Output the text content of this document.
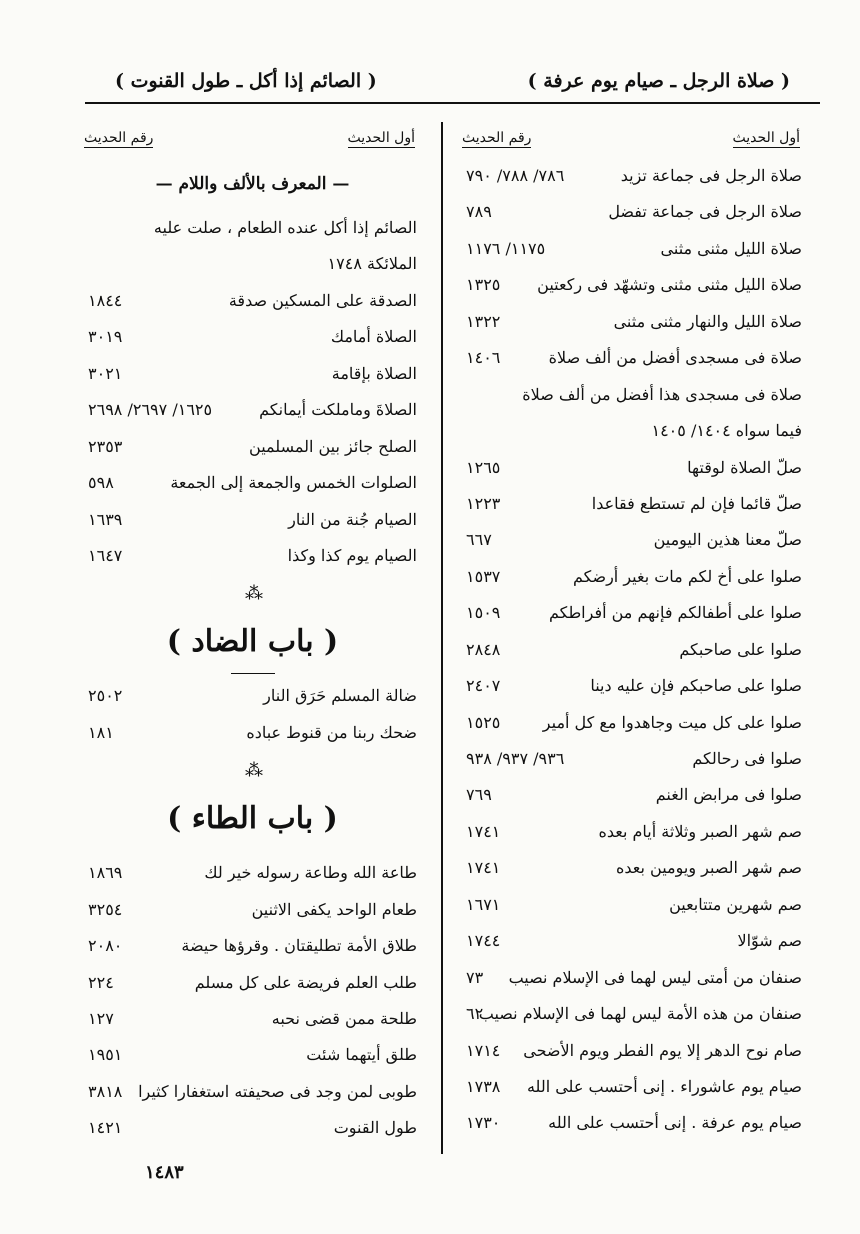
( صلاة الرجل ـ صيام يوم عرفة )
( الصائم إذا أكل ـ طول القنوت )
أول الحديث
رقم الحديث
صلاة الرجل فى جماعة تزيد
٧٨٦/ ٧٨٨/ ٧٩٠
صلاة الرجل فى جماعة تفضل
٧٨٩
صلاة الليل مثنى مثنى
١١٧٥/ ١١٧٦
صلاة الليل مثنى مثنى وتشهّد فى ركعتين
١٣٢٥
صلاة الليل والنهار مثنى مثنى
١٣٢٢
صلاة فى مسجدى أفضل من ألف صلاة
١٤٠٦
صلاة فى مسجدى هذا أفضل من ألف صلاة
فيما سواه ١٤٠٤/ ١٤٠٥
صلّ الصلاة لوقتها
١٢٦٥
صلّ قائما فإن لم تستطع فقاعدا
١٢٢٣
صلّ معنا هذين اليومين
٦٦٧
صلوا على أخ لكم مات بغير أرضكم
١٥٣٧
صلوا على أطفالكم فإنهم من أفراطكم
١٥٠٩
صلوا على صاحبكم
٢٨٤٨
صلوا على صاحبكم فإن عليه دينا
٢٤٠٧
صلوا على كل ميت وجاهدوا مع كل أمير
١٥٢٥
صلوا فى رحالكم
٩٣٦/ ٩٣٧/ ٩٣٨
صلوا فى مرابض الغنم
٧٦٩
صم شهر الصبر وثلاثة أيام بعده
١٧٤١
صم شهر الصبر ويومين بعده
١٧٤١
صم شهرين متتابعين
١٦٧١
صم شوّالا
١٧٤٤
صنفان من أمتى ليس لهما فى الإسلام نصيب
٧٣
صنفان من هذه الأمة ليس لهما فى الإسلام نصيب
٦٢
صام نوح الدهر إلا يوم الفطر ويوم الأضحى
١٧١٤
صيام يوم عاشوراء . إنى أحتسب على الله
١٧٣٨
صيام يوم عرفة . إنى أحتسب على الله
١٧٣٠
أول الحديث
رقم الحديث
— المعرف بالألف واللام —
الصائم إذا أكل عنده الطعام ، صلت عليه
الملائكة ١٧٤٨
الصدقة على المسكين صدقة
١٨٤٤
الصلاة أمامك
٣٠١٩
الصلاة بإقامة
٣٠٢١
الصلاةَ وماملكت أيمانكم
١٦٢٥/ ٢٦٩٧/ ٢٦٩٨
الصلح جائز بين المسلمين
٢٣٥٣
الصلوات الخمس والجمعة إلى الجمعة
٥٩٨
الصيام جُنة من النار
١٦٣٩
الصيام يوم كذا وكذا
١٦٤٧
⁂
( باب الضاد )
ضالة المسلم حَرَق النار
٢٥٠٢
ضحك ربنا من قنوط عباده
١٨١
⁂
( باب الطاء )
طاعة الله وطاعة رسوله خير لك
١٨٦٩
طعام الواحد يكفى الاثنين
٣٢٥٤
طلاق الأمة تطليقتان . وقرؤها حيضة
٢٠٨٠
طلب العلم فريضة على كل مسلم
٢٢٤
طلحة ممن قضى نحبه
١٢٧
طلق أيتهما شئت
١٩٥١
طوبى لمن وجد فى صحيفته استغفارا كثيرا
٣٨١٨
طول القنوت
١٤٢١
١٤٨٣
